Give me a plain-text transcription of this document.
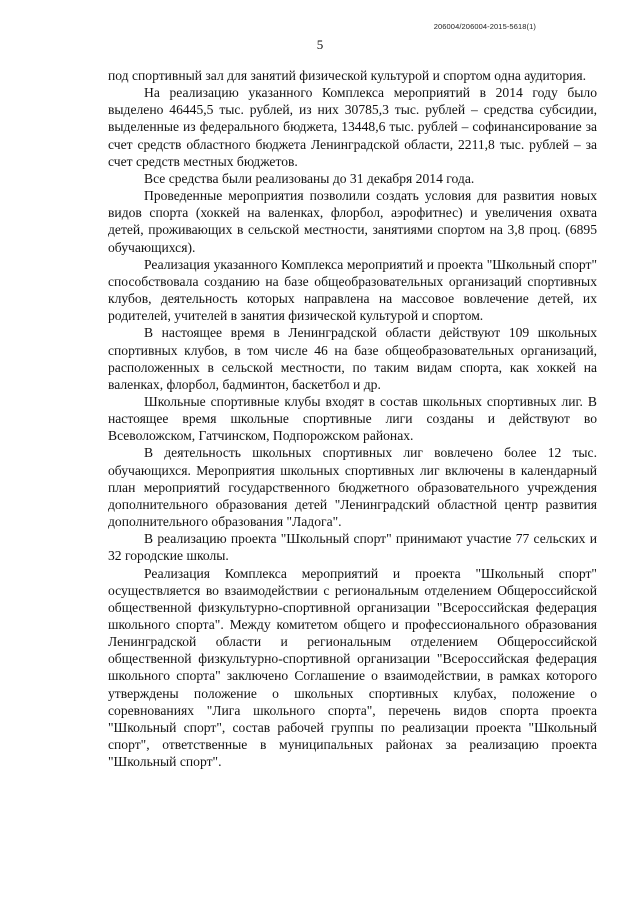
206004/206004-2015-5618(1)
5

под спортивный зал для занятий физической культурой и спортом одна аудитория.

На реализацию указанного Комплекса мероприятий в 2014 году было выделено 46445,5 тыс. рублей, из них 30785,3 тыс. рублей – средства субсидии, выделенные из федерального бюджета, 13448,6 тыс. рублей – софинансирование за счет средств областного бюджета Ленинградской области, 2211,8 тыс. рублей – за счет средств местных бюджетов.

Все средства были реализованы до 31 декабря 2014 года.

Проведенные мероприятия позволили создать условия для развития новых видов спорта (хоккей на валенках, флорбол, аэрофитнес) и увеличения охвата детей, проживающих в сельской местности, занятиями спортом на 3,8 проц. (6895 обучающихся).

Реализация указанного Комплекса мероприятий и проекта "Школьный спорт" способствовала созданию на базе общеобразовательных организаций спортивных клубов, деятельность которых направлена на массовое вовлечение детей, их родителей, учителей в занятия физической культурой и спортом.

В настоящее время в Ленинградской области действуют 109 школьных спортивных клубов, в том числе 46 на базе общеобразовательных организаций, расположенных в сельской местности, по таким видам спорта, как хоккей на валенках, флорбол, бадминтон, баскетбол и др.

Школьные спортивные клубы входят в состав школьных спортивных лиг. В настоящее время школьные спортивные лиги созданы и действуют во Всеволожском, Гатчинском, Подпорожском районах.

В деятельность школьных спортивных лиг вовлечено более 12 тыс. обучающихся. Мероприятия школьных спортивных лиг включены в календарный план мероприятий государственного бюджетного образовательного учреждения дополнительного образования детей "Ленинградский областной центр развития дополнительного образования "Ладога".

В реализацию проекта "Школьный спорт" принимают участие 77 сельских и 32 городские школы.

Реализация Комплекса мероприятий и проекта "Школьный спорт" осуществляется во взаимодействии с региональным отделением Общероссийской общественной физкультурно-спортивной организации "Всероссийская федерация школьного спорта". Между комитетом общего и профессионального образования Ленинградской области и региональным отделением Общероссийской общественной физкультурно-спортивной организации "Всероссийская федерация школьного спорта" заключено Соглашение о взаимодействии, в рамках которого утверждены положение о школьных спортивных клубах, положение о соревнованиях "Лига школьного спорта", перечень видов спорта проекта "Школьный спорт", состав рабочей группы по реализации проекта "Школьный спорт", ответственные в муниципальных районах за реализацию проекта "Школьный спорт".
